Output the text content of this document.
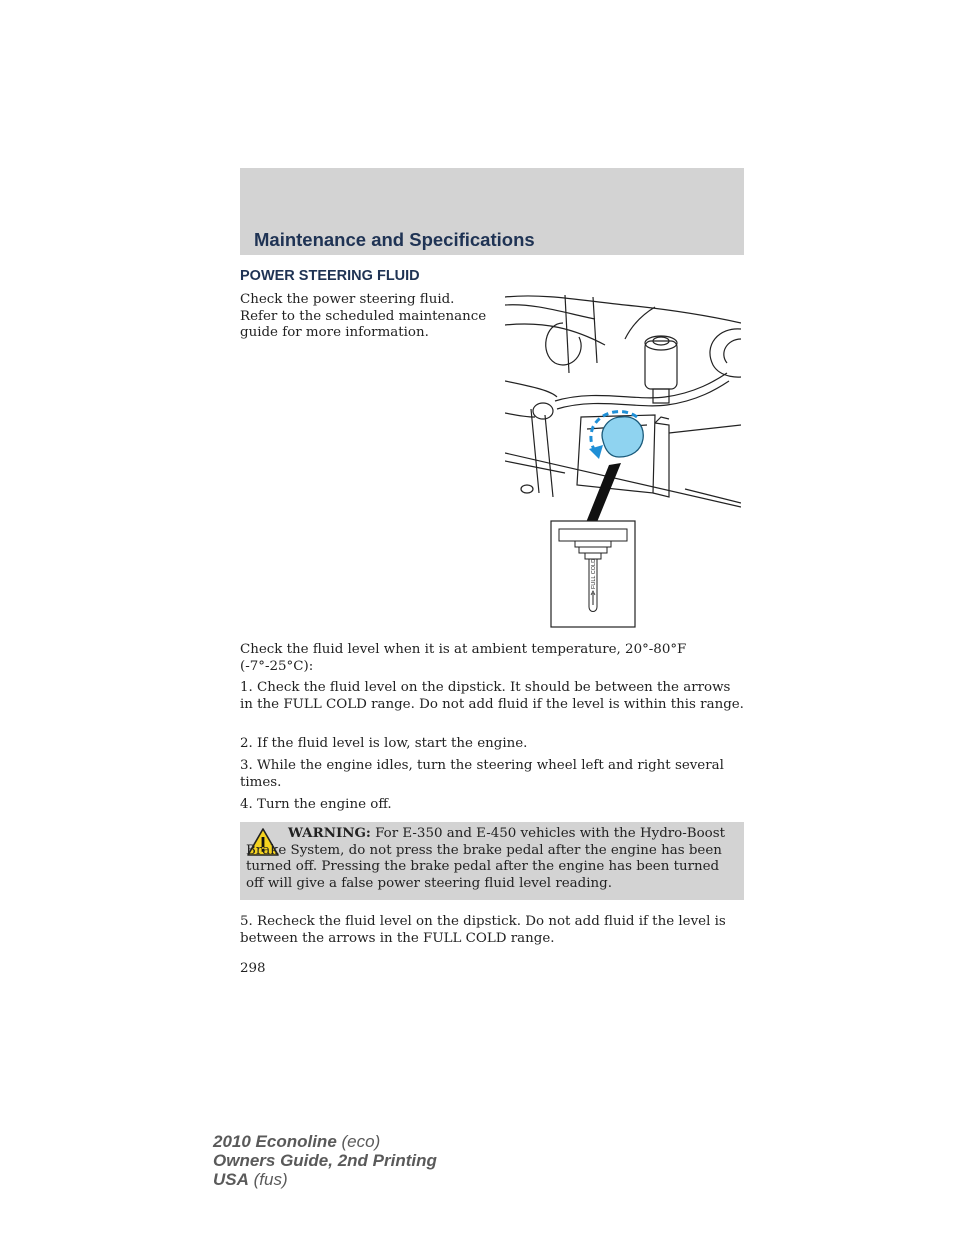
Maintenance and Specifications
POWER STEERING FLUID
Check the power steering fluid. Refer to the scheduled maintenance guide for more information.
FULL COLD
Check the fluid level when it is at ambient temperature, 20°-80°F (-7°-25°C):
1. Check the fluid level on the dipstick. It should be between the arrows in the FULL COLD range. Do not add fluid if the level is within this range.
2. If the fluid level is low, start the engine.
3. While the engine idles, turn the steering wheel left and right several times.
4. Turn the engine off.
WARNING: For E-350 and E-450 vehicles with the Hydro-Boost Brake System, do not press the brake pedal after the engine has been turned off. Pressing the brake pedal after the engine has been turned off will give a false power steering fluid level reading.
5. Recheck the fluid level on the dipstick. Do not add fluid if the level is between the arrows in the FULL COLD range.
298
2010 Econoline (eco)
Owners Guide, 2nd Printing
USA (fus)
